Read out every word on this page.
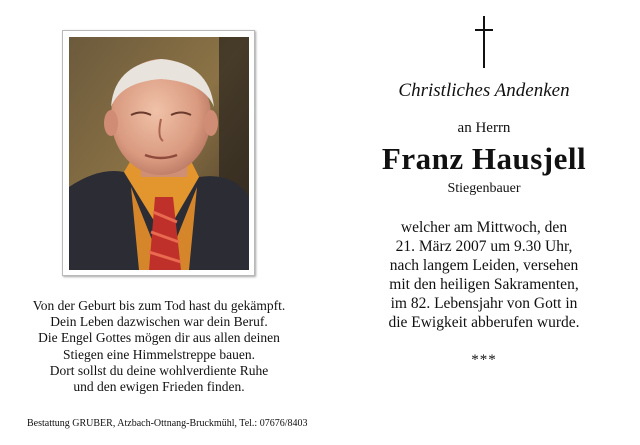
Von der Geburt bis zum Tod hast du gekämpft.
Dein Leben dazwischen war dein Beruf.
Die Engel Gottes mögen dir aus allen deinen
Stiegen eine Himmelstreppe bauen.
Dort sollst du deine wohlverdiente Ruhe
und den ewigen Frieden finden.
Bestattung GRUBER, Atzbach-Ottnang-Bruckmühl, Tel.: 07676/8403
Christliches Andenken
an Herrn
Franz Hausjell
Stiegenbauer
welcher am Mittwoch, den
21. März 2007 um 9.30 Uhr,
nach langem Leiden, versehen
mit den heiligen Sakramenten,
im 82. Lebensjahr von Gott in
die Ewigkeit abberufen wurde.
***
